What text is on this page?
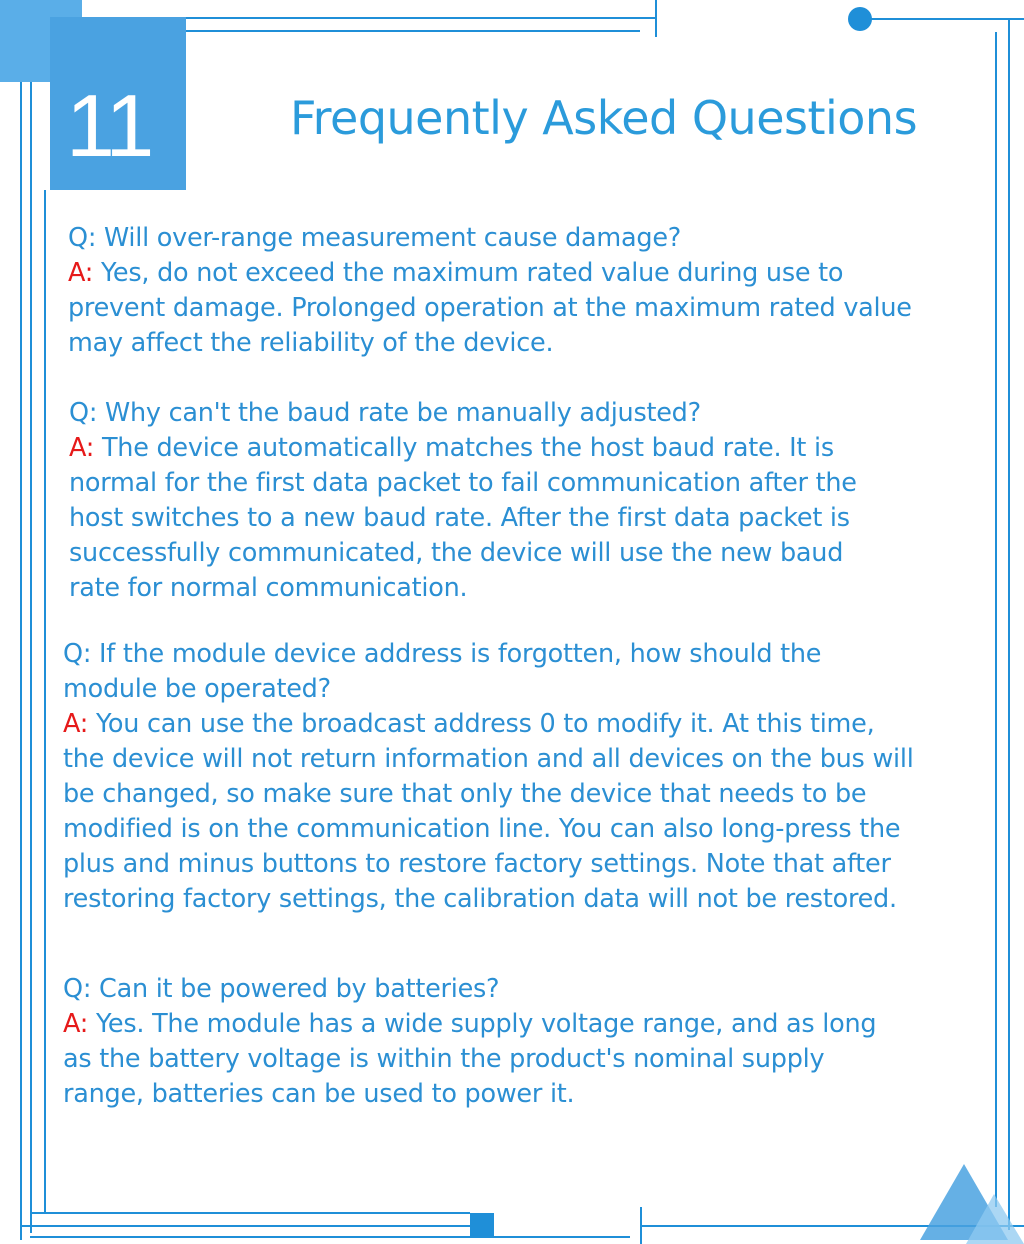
11	Frequently Asked Questions
Q: Will over-range measurement cause damage?
A: Yes, do not exceed the maximum rated value during use to
prevent damage. Prolonged operation at the maximum rated value
may affect the reliability of the device.
Q: Why can't the baud rate be manually adjusted?
A: The device automatically matches the host baud rate. It is
normal for the first data packet to fail communication after the
host switches to a new baud rate. After the first data packet is
successfully communicated, the device will use the new baud
rate for normal communication.
Q: If the module device address is forgotten, how should the
module be operated?
A: You can use the broadcast address 0 to modify it. At this time,
the device will not return information and all devices on the bus will
be changed, so make sure that only the device that needs to be
modified is on the communication line. You can also long-press the
plus and minus buttons to restore factory settings. Note that after
restoring factory settings, the calibration data will not be restored.
Q: Can it be powered by batteries?
A: Yes. The module has a wide supply voltage range, and as long
as the battery voltage is within the product's nominal supply
range, batteries can be used to power it.
